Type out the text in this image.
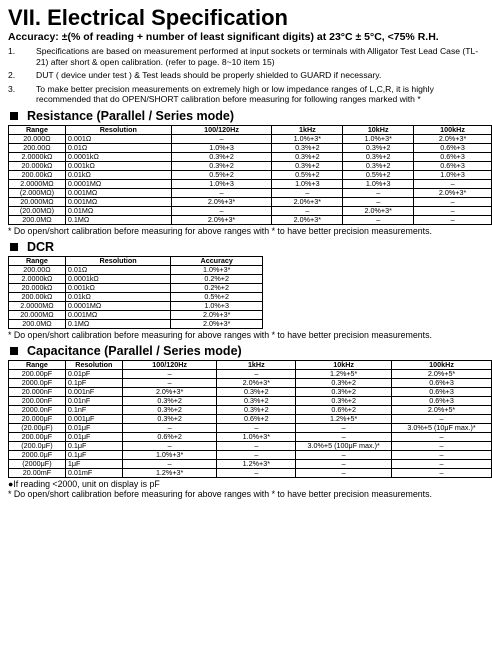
VII. Electrical Specification
Accuracy: ±(% of reading + number of least significant digits) at 23°C ± 5°C, <75% R.H.
1.	Specifications are based on measurement performed at input sockets or terminals with Alligator Test Lead Case (TL-21) after short & open calibration. (refer to page. 8~10 item 15)
2.	DUT ( device under test ) & Test leads should be properly shielded to GUARD if necessary.
3.	To make better precision measurements on extremely high or low impedance ranges of L,C,R, it is highly recommended that do OPEN/SHORT calibration before measuring for following ranges marked with *
Resistance (Parallel / Series mode)
Range	Resolution	100/120Hz	1kHz	10kHz	100kHz
20.000Ω	0.001Ω	–	1.0%+3*	1.0%+3*	2.0%+3*
200.00Ω	0.01Ω	1.0%+3	0.3%+2	0.3%+2	0.6%+3
2.0000kΩ	0.0001kΩ	0.3%+2	0.3%+2	0.3%+2	0.6%+3
20.000kΩ	0.001kΩ	0.3%+2	0.3%+2	0.3%+2	0.6%+3
200.00kΩ	0.01kΩ	0.5%+2	0.5%+2	0.5%+2	1.0%+3
2.0000MΩ	0.0001MΩ	1.0%+3	1.0%+3	1.0%+3	–
(2.000MΩ)	0.001MΩ	–	–	–	2.0%+3*
20.000MΩ	0.001MΩ	2.0%+3*	2.0%+3*	–	–
(20.00MΩ)	0.01MΩ	–	–	2.0%+3*	–
200.0MΩ	0.1MΩ	2.0%+3*	2.0%+3*	–	–
* Do open/short calibration before measuring for above ranges with * to have better precision measurements.
DCR
Range	Resolution	Accuracy
200.00Ω	0.01Ω	1.0%+3*
2.0000kΩ	0.0001kΩ	0.2%+2
20.000kΩ	0.001kΩ	0.2%+2
200.00kΩ	0.01kΩ	0.5%+2
2.0000MΩ	0.0001MΩ	1.0%+3
20.000MΩ	0.001MΩ	2.0%+3*
200.0MΩ	0.1MΩ	2.0%+3*
* Do open/short calibration before measuring for above ranges with * to have better precision measurements.
Capacitance (Parallel / Series mode)
Range	Resolution	100/120Hz	1kHz	10kHz	100kHz
200.00pF	0.01pF	–	–	1.2%+5*	2.0%+5*
2000.0pF	0.1pF	–	2.0%+3*	0.3%+2	0.6%+3
20.000nF	0.001nF	2.0%+3*	0.3%+2	0.3%+2	0.6%+3
200.00nF	0.01nF	0.3%+2	0.3%+2	0.3%+2	0.6%+3
2000.0nF	0.1nF	0.3%+2	0.3%+2	0.6%+2	2.0%+5*
20.000μF	0.001μF	0.3%+2	0.6%+2	1.2%+5*	–
(20.00μF)	0.01μF	–	–	–	3.0%+5 (10μF max.)*
200.00μF	0.01μF	0.6%+2	1.0%+3*	–	–
(200.0μF)	0.1μF	–	–	3.0%+5 (100μF max.)*	–
2000.0μF	0.1μF	1.0%+3*	–	–	–
(2000μF)	1μF	–	1.2%+3*	–	–
20.00mF	0.01mF	1.2%+3*	–	–	–
●If reading <2000, unit on display is pF
* Do open/short calibration before measuring for above ranges with * to have better precision measurements.
